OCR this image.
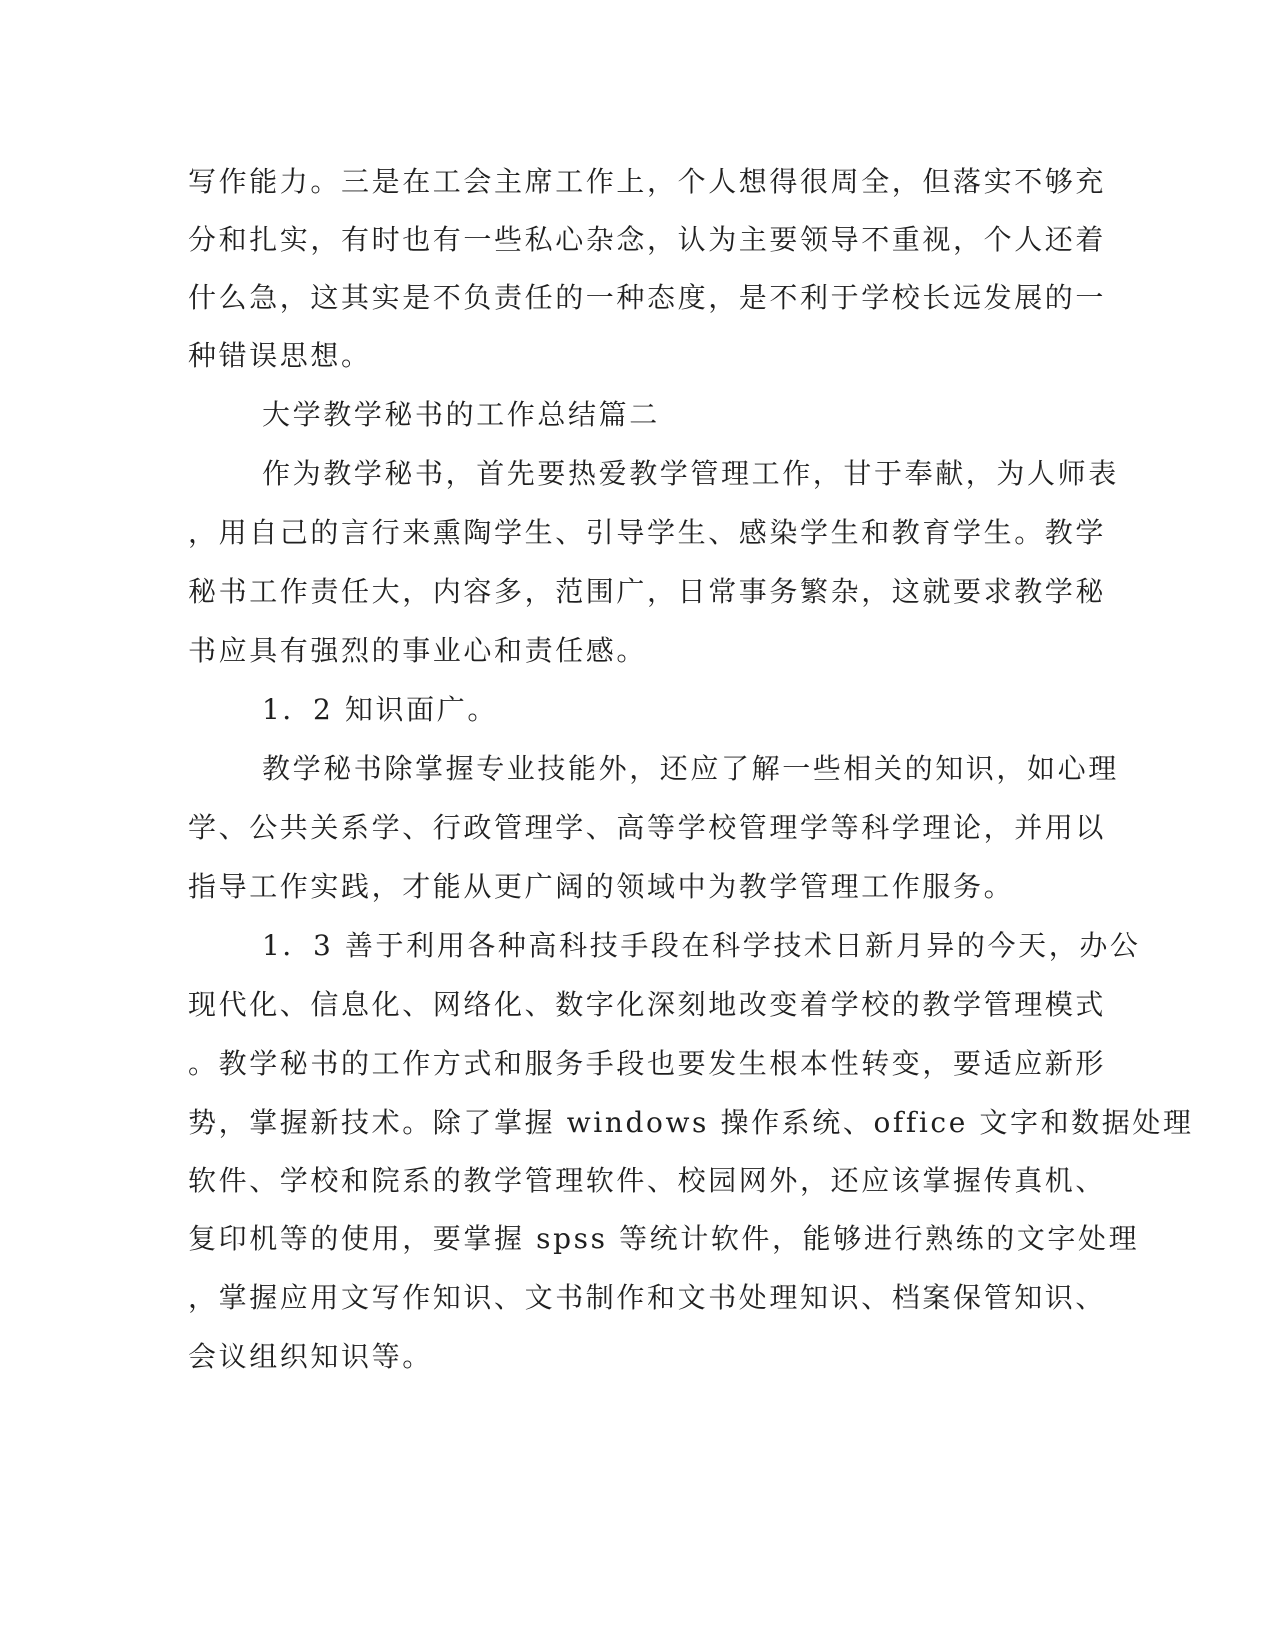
写作能力。三是在工会主席工作上，个人想得很周全，但落实不够充
分和扎实，有时也有一些私心杂念，认为主要领导不重视，个人还着
什么急，这其实是不负责任的一种态度，是不利于学校长远发展的一
种错误思想。
大学教学秘书的工作总结篇二
作为教学秘书，首先要热爱教学管理工作，甘于奉献，为人师表
，用自己的言行来熏陶学生、引导学生、感染学生和教育学生。教学
秘书工作责任大，内容多，范围广，日常事务繁杂，这就要求教学秘
书应具有强烈的事业心和责任感。
1．2 知识面广。
教学秘书除掌握专业技能外，还应了解一些相关的知识，如心理
学、公共关系学、行政管理学、高等学校管理学等科学理论，并用以
指导工作实践，才能从更广阔的领域中为教学管理工作服务。
1．3 善于利用各种高科技手段在科学技术日新月异的今天，办公
现代化、信息化、网络化、数字化深刻地改变着学校的教学管理模式
。教学秘书的工作方式和服务手段也要发生根本性转变，要适应新形
势，掌握新技术。除了掌握 windows 操作系统、office 文字和数据处理
软件、学校和院系的教学管理软件、校园网外，还应该掌握传真机、
复印机等的使用，要掌握 spss 等统计软件，能够进行熟练的文字处理
，掌握应用文写作知识、文书制作和文书处理知识、档案保管知识、
会议组织知识等。
